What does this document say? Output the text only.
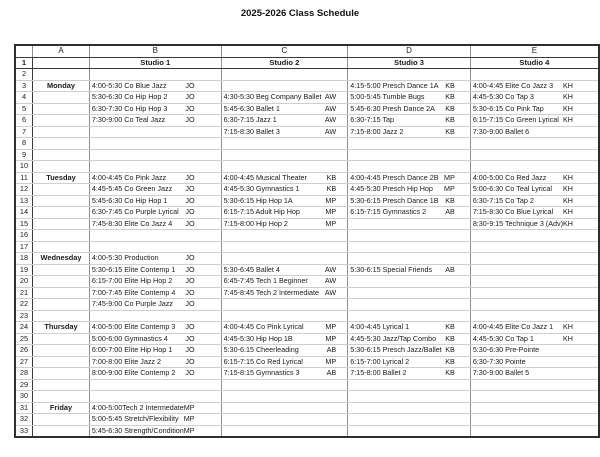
2025-2026 Class Schedule
	A	B	C	D	E
1		Studio 1	Studio 2	Studio 3	Studio 4
2					
3	Monday	4:00-5:30 Co Blue Jazz JO		4:15-5:00 Presch Dance 1A KB	4:00-4:45 Elite Co Jazz 3 KH

4		5:30-6:30 Co Hip Hop 2 JO	4:30-5:30 Beg Company Ballet AW	5:00-5:45 Tumble Bugs KB	4:45-5:30 Co Tap 3 KH

5		6:30-7:30 Co Hip Hop 3 JO	5:45-6:30 Ballet 1 AW	5:45-6:30 Presh Dance 2A KB	5:30-6:15 Co Pink Tap KH

6		7:30-9:00 Co Teal Jazz JO	6:30-7:15 Jazz 1 AW	6:30-7:15 Tap KB	6:15-7:15 Co Green Lyrical KH

7			7:15-8:30 Ballet 3 AW	7:15-8:00 Jazz 2 KB	7:30-9:00 Ballet 6

8					
9					
10					
11	Tuesday	4:00-4:45 Co Pink Jazz JO	4:00-4:45 Musical Theater KB	4:00-4:45 Presch Dance 2B MP	4:00-5:00 Co Red Jazz KH

12		4:45-5:45 Co Green Jazz JO	4:45-5:30 Gymnastics 1 KB	4:45-5:30 Presch Hip Hop MP	5:00-6:30 Co Teal Lyrical KH

13		5:45-6:30 Co Hip Hop 1 JO	5:30-6:15 Hip Hop 1A MP	5:30-6:15 Presch Dance 1B KB	6:30-7:15 Co Tap 2 KH

14		6:30-7:45 Co Purple Lyrical JO	6:15-7:15 Adult Hip Hop MP	6:15-7:15 Gymnastics 2 AB	7:15-8:30 Co Blue Lyrical KH

15		7:45-8:30 Elite Co Jazz 4 JO	7:15-8:00 Hip Hop 2 MP		8:30-9:15 Technique 3 (Adv) KH

16					
17					
18	Wednesday	4:00-5:30 Production JO			

19		5:30-6:15 Elite Contemp 1 JO	5:30-6:45 Ballet 4 AW	5:30-6:15 Special Friends AB	

20		6:15-7:00 Elite Hip Hop 2 JO	6:45-7:45 Tech 1 Beginner AW		

21		7:00-7:45 Elite Contemp 4 JO	7:45-8:45 Tech 2 Intermediate AW		

22		7:45-9:00 Co Purple Jazz JO			

23					
24	Thursday	4:00-5:00 Elite Contemp 3 JO	4:00-4:45 Co Pink Lyrical MP	4:00-4:45 Lyrical 1 KB	4:00-4:45 Elite Co Jazz 1 KH

25		5:00-6:00 Gymnastics 4 JO	4:45-5:30 Hip Hop 1B MP	4:45-5:30 Jazz/Tap Combo KB	4:45-5:30 Co Tap 1 KH

26		6:00-7:00 Elite Hip Hop 1 JO	5:30-6:15 Cheerleading AB	5:30-6:15 Presch Jazz/Ballet KB	5:30-6:30 Pre-Pointe

27		7:00-8:00 Elite Jazz 2 JO	6:15-7:15 Co Red Lyrical MP	6:15-7:00 Lyrical 2 KB	6:30-7:30 Pointe

28		8:00-9:00 Elite Contemp 2 JO	7:15-8:15 Gymnastics 3 AB	7:15-8:00 Ballet 2 KB	7:30-9:00 Ballet 5

29					
30					
31	Friday	4:00-5:00Tech 2 Intermedate MP			

32		5:00-5:45 Stretch/Flexibility MP			

33		5:45-6:30 Strength/Condition MP			
